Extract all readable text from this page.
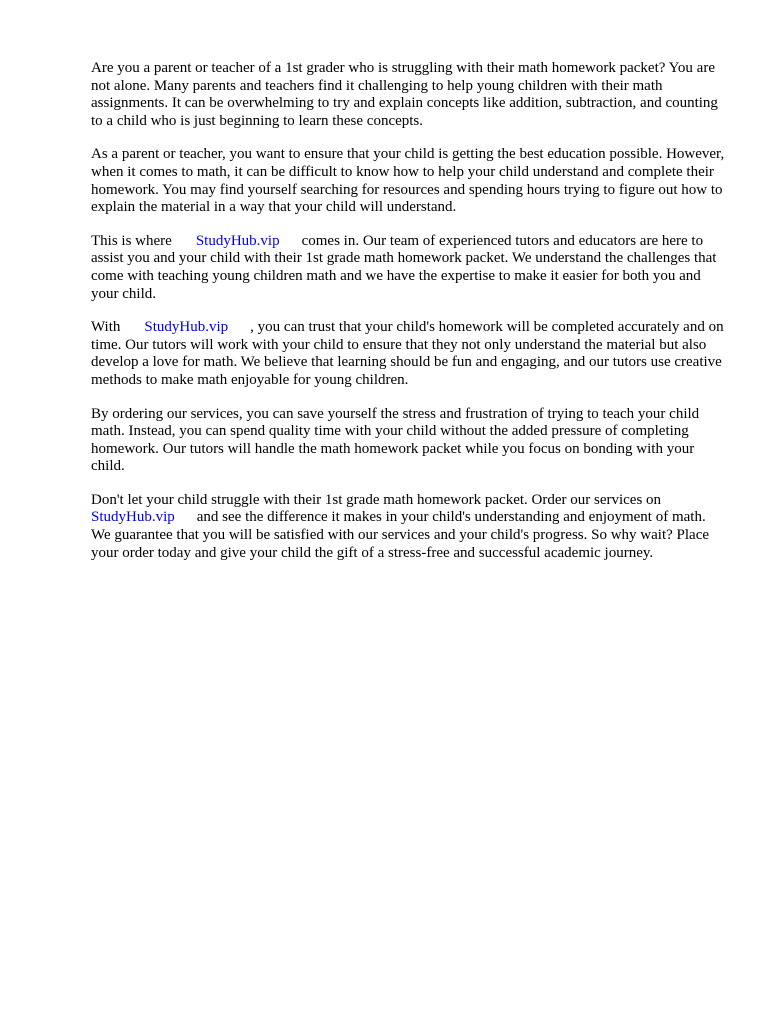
Are you a parent or teacher of a 1st grader who is struggling with their math homework packet? You are not alone. Many parents and teachers find it challenging to help young children with their math assignments. It can be overwhelming to try and explain concepts like addition, subtraction, and counting to a child who is just beginning to learn these concepts.

As a parent or teacher, you want to ensure that your child is getting the best education possible. However, when it comes to math, it can be difficult to know how to help your child understand and complete their homework. You may find yourself searching for resources and spending hours trying to figure out how to explain the material in a way that your child will understand.

This is where StudyHub.vip comes in. Our team of experienced tutors and educators are here to assist you and your child with their 1st grade math homework packet. We understand the challenges that come with teaching young children math and we have the expertise to make it easier for both you and your child.

With StudyHub.vip , you can trust that your child's homework will be completed accurately and on time. Our tutors will work with your child to ensure that they not only understand the material but also develop a love for math. We believe that learning should be fun and engaging, and our tutors use creative methods to make math enjoyable for young children.

By ordering our services, you can save yourself the stress and frustration of trying to teach your child math. Instead, you can spend quality time with your child without the added pressure of completing homework. Our tutors will handle the math homework packet while you focus on bonding with your child.

Don't let your child struggle with their 1st grade math homework packet. Order our services on StudyHub.vip and see the difference it makes in your child's understanding and enjoyment of math. We guarantee that you will be satisfied with our services and your child's progress. So why wait? Place your order today and give your child the gift of a stress-free and successful academic journey.
